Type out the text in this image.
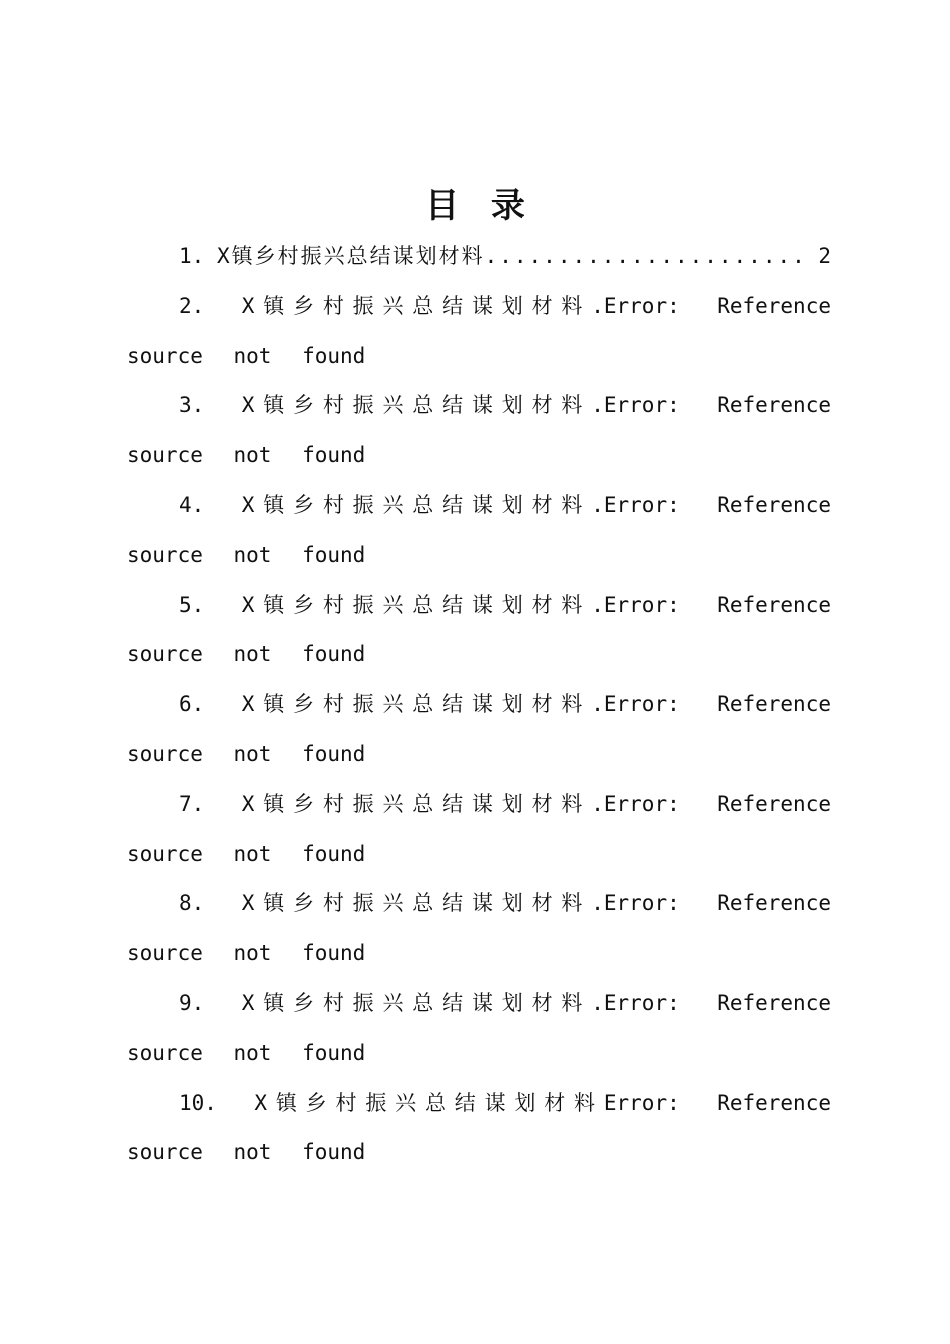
目 录

1.
X镇乡村振兴总结谋划材料 ...................... 2

2. X镇乡村振兴总结谋划材料.Error: Reference source not found

3. X镇乡村振兴总结谋划材料.Error: Reference source not found

4. X镇乡村振兴总结谋划材料.Error: Reference source not found

5. X镇乡村振兴总结谋划材料.Error: Reference source not found

6. X镇乡村振兴总结谋划材料.Error: Reference source not found

7. X镇乡村振兴总结谋划材料.Error: Reference source not found

8. X镇乡村振兴总结谋划材料.Error: Reference source not found

9. X镇乡村振兴总结谋划材料.Error: Reference source not found

10. X镇乡村振兴总结谋划材料Error: Reference source not found
